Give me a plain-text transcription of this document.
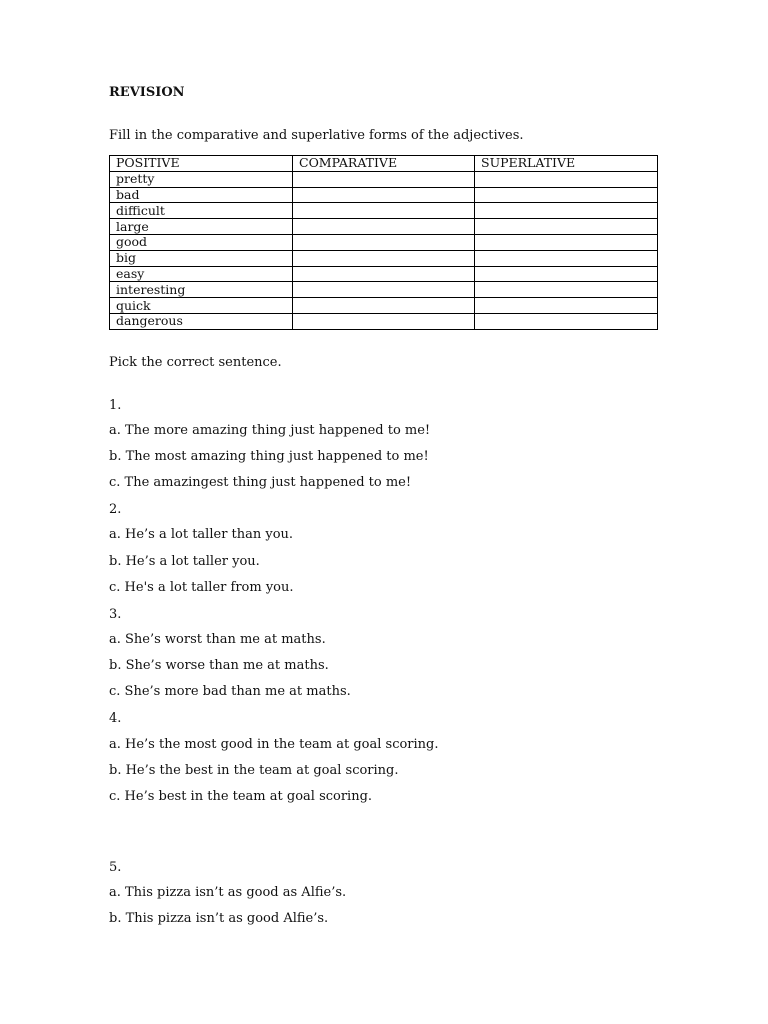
REVISION
Fill in the comparative and superlative forms of the adjectives.
POSITIVE	COMPARATIVE	SUPERLATIVE
pretty		
bad		
difficult		
large		
good		
big		
easy		
interesting		
quick		
dangerous		
Pick the correct sentence.
1.
a. The more amazing thing just happened to me!
b. The most amazing thing just happened to me!
c. The amazingest thing just happened to me!
2.
a. He’s a lot taller than you.
b. He’s a lot taller you.
c. He's a lot taller from you.
3.
a. She’s worst than me at maths.
b. She’s worse than me at maths.
c. She’s more bad than me at maths.
4.
a. He’s the most good in the team at goal scoring.
b. He’s the best in the team at goal scoring.
c. He’s best in the team at goal scoring.
5.
a. This pizza isn’t as good as Alfie’s.
b. This pizza isn’t as good Alfie’s.
